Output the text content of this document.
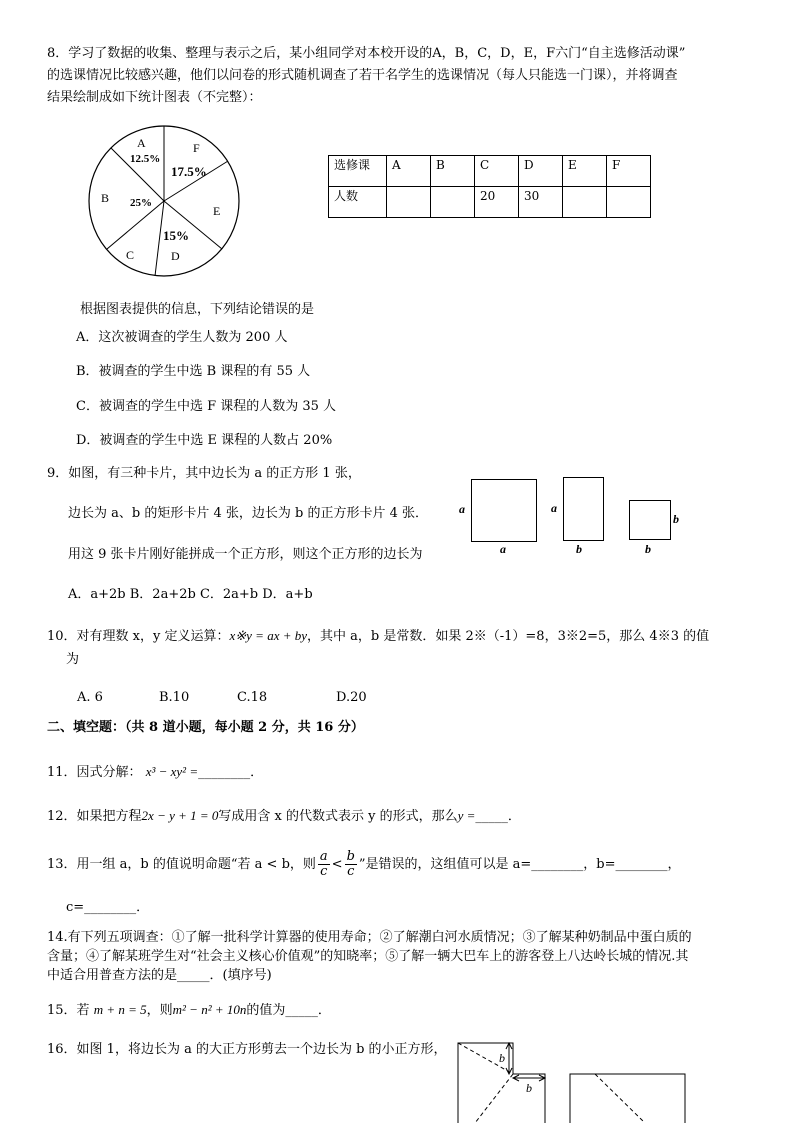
8．学习了数据的收集、整理与表示之后，某小组同学对本校开设的A，B，C，D，E，F六门“自主选修活动课”
的选课情况比较感兴趣，他们以问卷的形式随机调查了若干名学生的选课情况（每人只能选一门课），并将调查
结果绘制成如下统计图表（不完整）：
A
12.5%
F
17.5%
B 25%
E
C
15%
D
选修课	A	B	C	D	E	F
人数			20	30		
根据图表提供的信息，下列结论错误的是
A．这次被调查的学生人数为 200 人
B．被调查的学生中选 B 课程的有 55 人
C．被调查的学生中选 F 课程的人数为 35 人
D．被调查的学生中选 E 课程的人数占 20%
9．如图，有三种卡片，其中边长为 a 的正方形 1 张，
边长为 a、b 的矩形卡片 4 张，边长为 b 的正方形卡片 4 张．
用这 9 张卡片刚好能拼成一个正方形，则这个正方形的边长为
A．a+2b B．2a+2b C．2a+b D．a+b
a
a
a
b
b
b
10．对有理数 x，y 定义运算：x※y = ax + by，其中 a，b 是常数．如果 2※（-1）=8，3※2=5，那么 4※3 的值
为
A. 6	B.10	C.18	D.20
二、填空题：（共 8 道小题，每小题 2 分，共 16 分）
11．因式分解： x³ − xy² =________．
12．如果把方程2x − y + 1 = 0写成用含 x 的代数式表示 y 的形式，那么y =_____．
13．用一组 a，b 的值说明命题“若 a < b，则 $\frac{a}{c} < \frac{b}{c}$ ”是错误的，这组值可以是 a=________，b=________，
c=________．
14.有下列五项调查：①了解一批科学计算器的使用寿命；②了解潮白河水质情况；③了解某种奶制品中蛋白质的
含量；④了解某班学生对“社会主义核心价值观”的知晓率；⑤了解一辆大巴车上的游客登上八达岭长城的情况.其
中适合用普查方法的是_____．(填序号)
15．若 m + n = 5，则m² − n² + 10n的值为_____．
16．如图 1，将边长为 a 的大正方形剪去一个边长为 b 的小正方形，
b
b
